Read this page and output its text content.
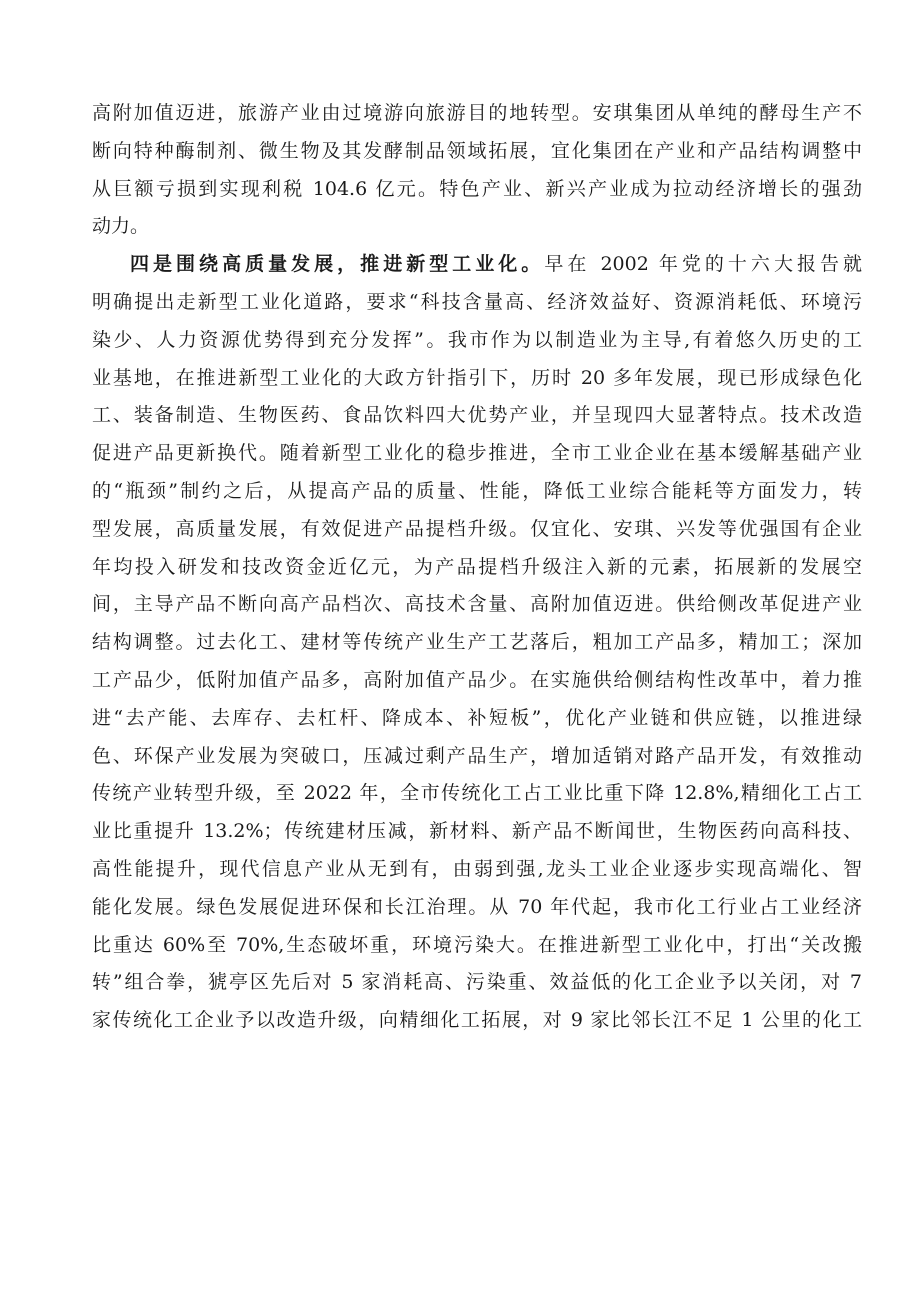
高附加值迈进，旅游产业由过境游向旅游目的地转型。安琪集团从单纯的酵母生产不
断向特种酶制剂、微生物及其发酵制品领域拓展，宜化集团在产业和产品结构调整中
从巨额亏损到实现利税 104.6 亿元。特色产业、新兴产业成为拉动经济增长的强劲
动力。
四是围绕高质量发展，推进新型工业化。早在 2002 年党的十六大报告就
明确提出走新型工业化道路，要求“科技含量高、经济效益好、资源消耗低、环境污
染少、人力资源优势得到充分发挥”。我市作为以制造业为主导,有着悠久历史的工
业基地，在推进新型工业化的大政方针指引下，历时 20 多年发展，现已形成绿色化
工、装备制造、生物医药、食品饮料四大优势产业，并呈现四大显著特点。技术改造
促进产品更新换代。随着新型工业化的稳步推进，全市工业企业在基本缓解基础产业
的“瓶颈”制约之后，从提高产品的质量、性能，降低工业综合能耗等方面发力，转
型发展，高质量发展，有效促进产品提档升级。仅宜化、安琪、兴发等优强国有企业
年均投入研发和技改资金近亿元，为产品提档升级注入新的元素，拓展新的发展空
间，主导产品不断向高产品档次、高技术含量、高附加值迈进。供给侧改革促进产业
结构调整。过去化工、建材等传统产业生产工艺落后，粗加工产品多，精加工；深加
工产品少，低附加值产品多，高附加值产品少。在实施供给侧结构性改革中，着力推
进“去产能、去库存、去杠杆、降成本、补短板”，优化产业链和供应链，以推进绿
色、环保产业发展为突破口，压减过剩产品生产，增加适销对路产品开发，有效推动
传统产业转型升级，至 2022 年，全市传统化工占工业比重下降 12.8%,精细化工占工
业比重提升 13.2%；传统建材压减，新材料、新产品不断闻世，生物医药向高科技、
高性能提升，现代信息产业从无到有，由弱到强,龙头工业企业逐步实现高端化、智
能化发展。绿色发展促进环保和长江治理。从 70 年代起，我市化工行业占工业经济
比重达 60%至 70%,生态破坏重，环境污染大。在推进新型工业化中，打出“关改搬
转”组合拳，猇亭区先后对 5 家消耗高、污染重、效益低的化工企业予以关闭，对 7
家传统化工企业予以改造升级，向精细化工拓展，对 9 家比邻长江不足 1 公里的化工
